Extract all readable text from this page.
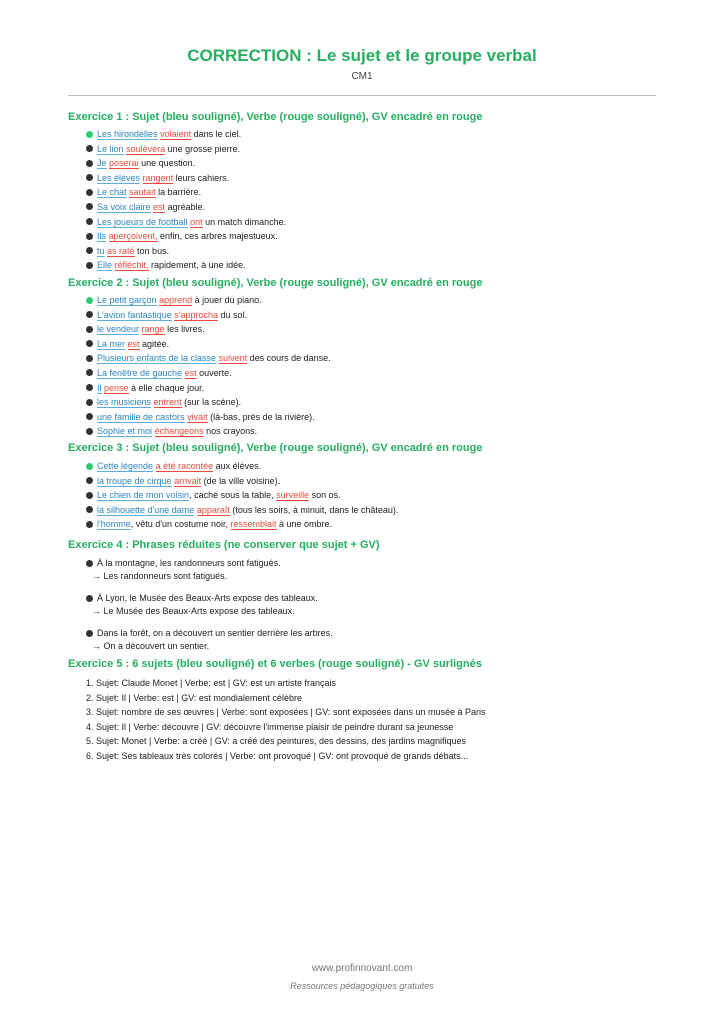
CORRECTION : Le sujet et le groupe verbal
CM1
Exercice 1 : Sujet (bleu souligné), Verbe (rouge souligné), GV encadré en rouge
Les hirondelles volaient dans le ciel.
Le lion soulèvera une grosse pierre.
Je poserai une question.
Les élèves rangent leurs cahiers.
Le chat sautait la barrière.
Sa voix claire est agréable.
Les joueurs de football ont un match dimanche.
Ils aperçoivent, enfin, ces arbres majestueux.
tu as raté ton bus.
Elle réfléchit, rapidement, à une idée.
Exercice 2 : Sujet (bleu souligné), Verbe (rouge souligné), GV encadré en rouge
Le petit garçon apprend à jouer du piano.
L'avion fantastique s'approcha du sol.
le vendeur range les livres.
La mer est agitée.
Plusieurs enfants de la classe suivent des cours de danse.
La fenêtre de gauche est ouverte.
Il pense à elle chaque jour.
les musiciens entrent (sur la scène).
une famille de castors vivait (là-bas, près de la rivière).
Sophie et moi échangeons nos crayons.
Exercice 3 : Sujet (bleu souligné), Verbe (rouge souligné), GV encadré en rouge
Cette légende a été racontée aux élèves.
la troupe de cirque arrivait (de la ville voisine).
Le chien de mon voisin, caché sous la table, surveille son os.
la silhouette d'une dame apparaît (tous les soirs, à minuit, dans le château).
l'homme, vêtu d'un costume noir, ressemblait à une ombre.
Exercice 4 : Phrases réduites (ne conserver que sujet + GV)
À la montagne, les randonneurs sont fatigués.
→ Les randonneurs sont fatigués.
À Lyon, le Musée des Beaux-Arts expose des tableaux.
→ Le Musée des Beaux-Arts expose des tableaux.
Dans la forêt, on a découvert un sentier derrière les arbres.
→ On a découvert un sentier.
Exercice 5 : 6 sujets (bleu souligné) et 6 verbes (rouge souligné) - GV surlignés
1. Sujet: Claude Monet | Verbe: est | GV: est un artiste français
2. Sujet: Il | Verbe: est | GV: est mondialement célèbre
3. Sujet: nombre de ses œuvres | Verbe: sont exposées | GV: sont exposées dans un musée à Paris
4. Sujet: Il | Verbe: découvre | GV: découvre l'immense plaisir de peindre durant sa jeunesse
5. Sujet: Monet | Verbe: a créé | GV: a créé des peintures, des dessins, des jardins magnifiques
6. Sujet: Ses tableaux très colorés | Verbe: ont provoqué | GV: ont provoqué de grands débats...
www.profinnovant.com
Ressources pédagogiques gratuites
